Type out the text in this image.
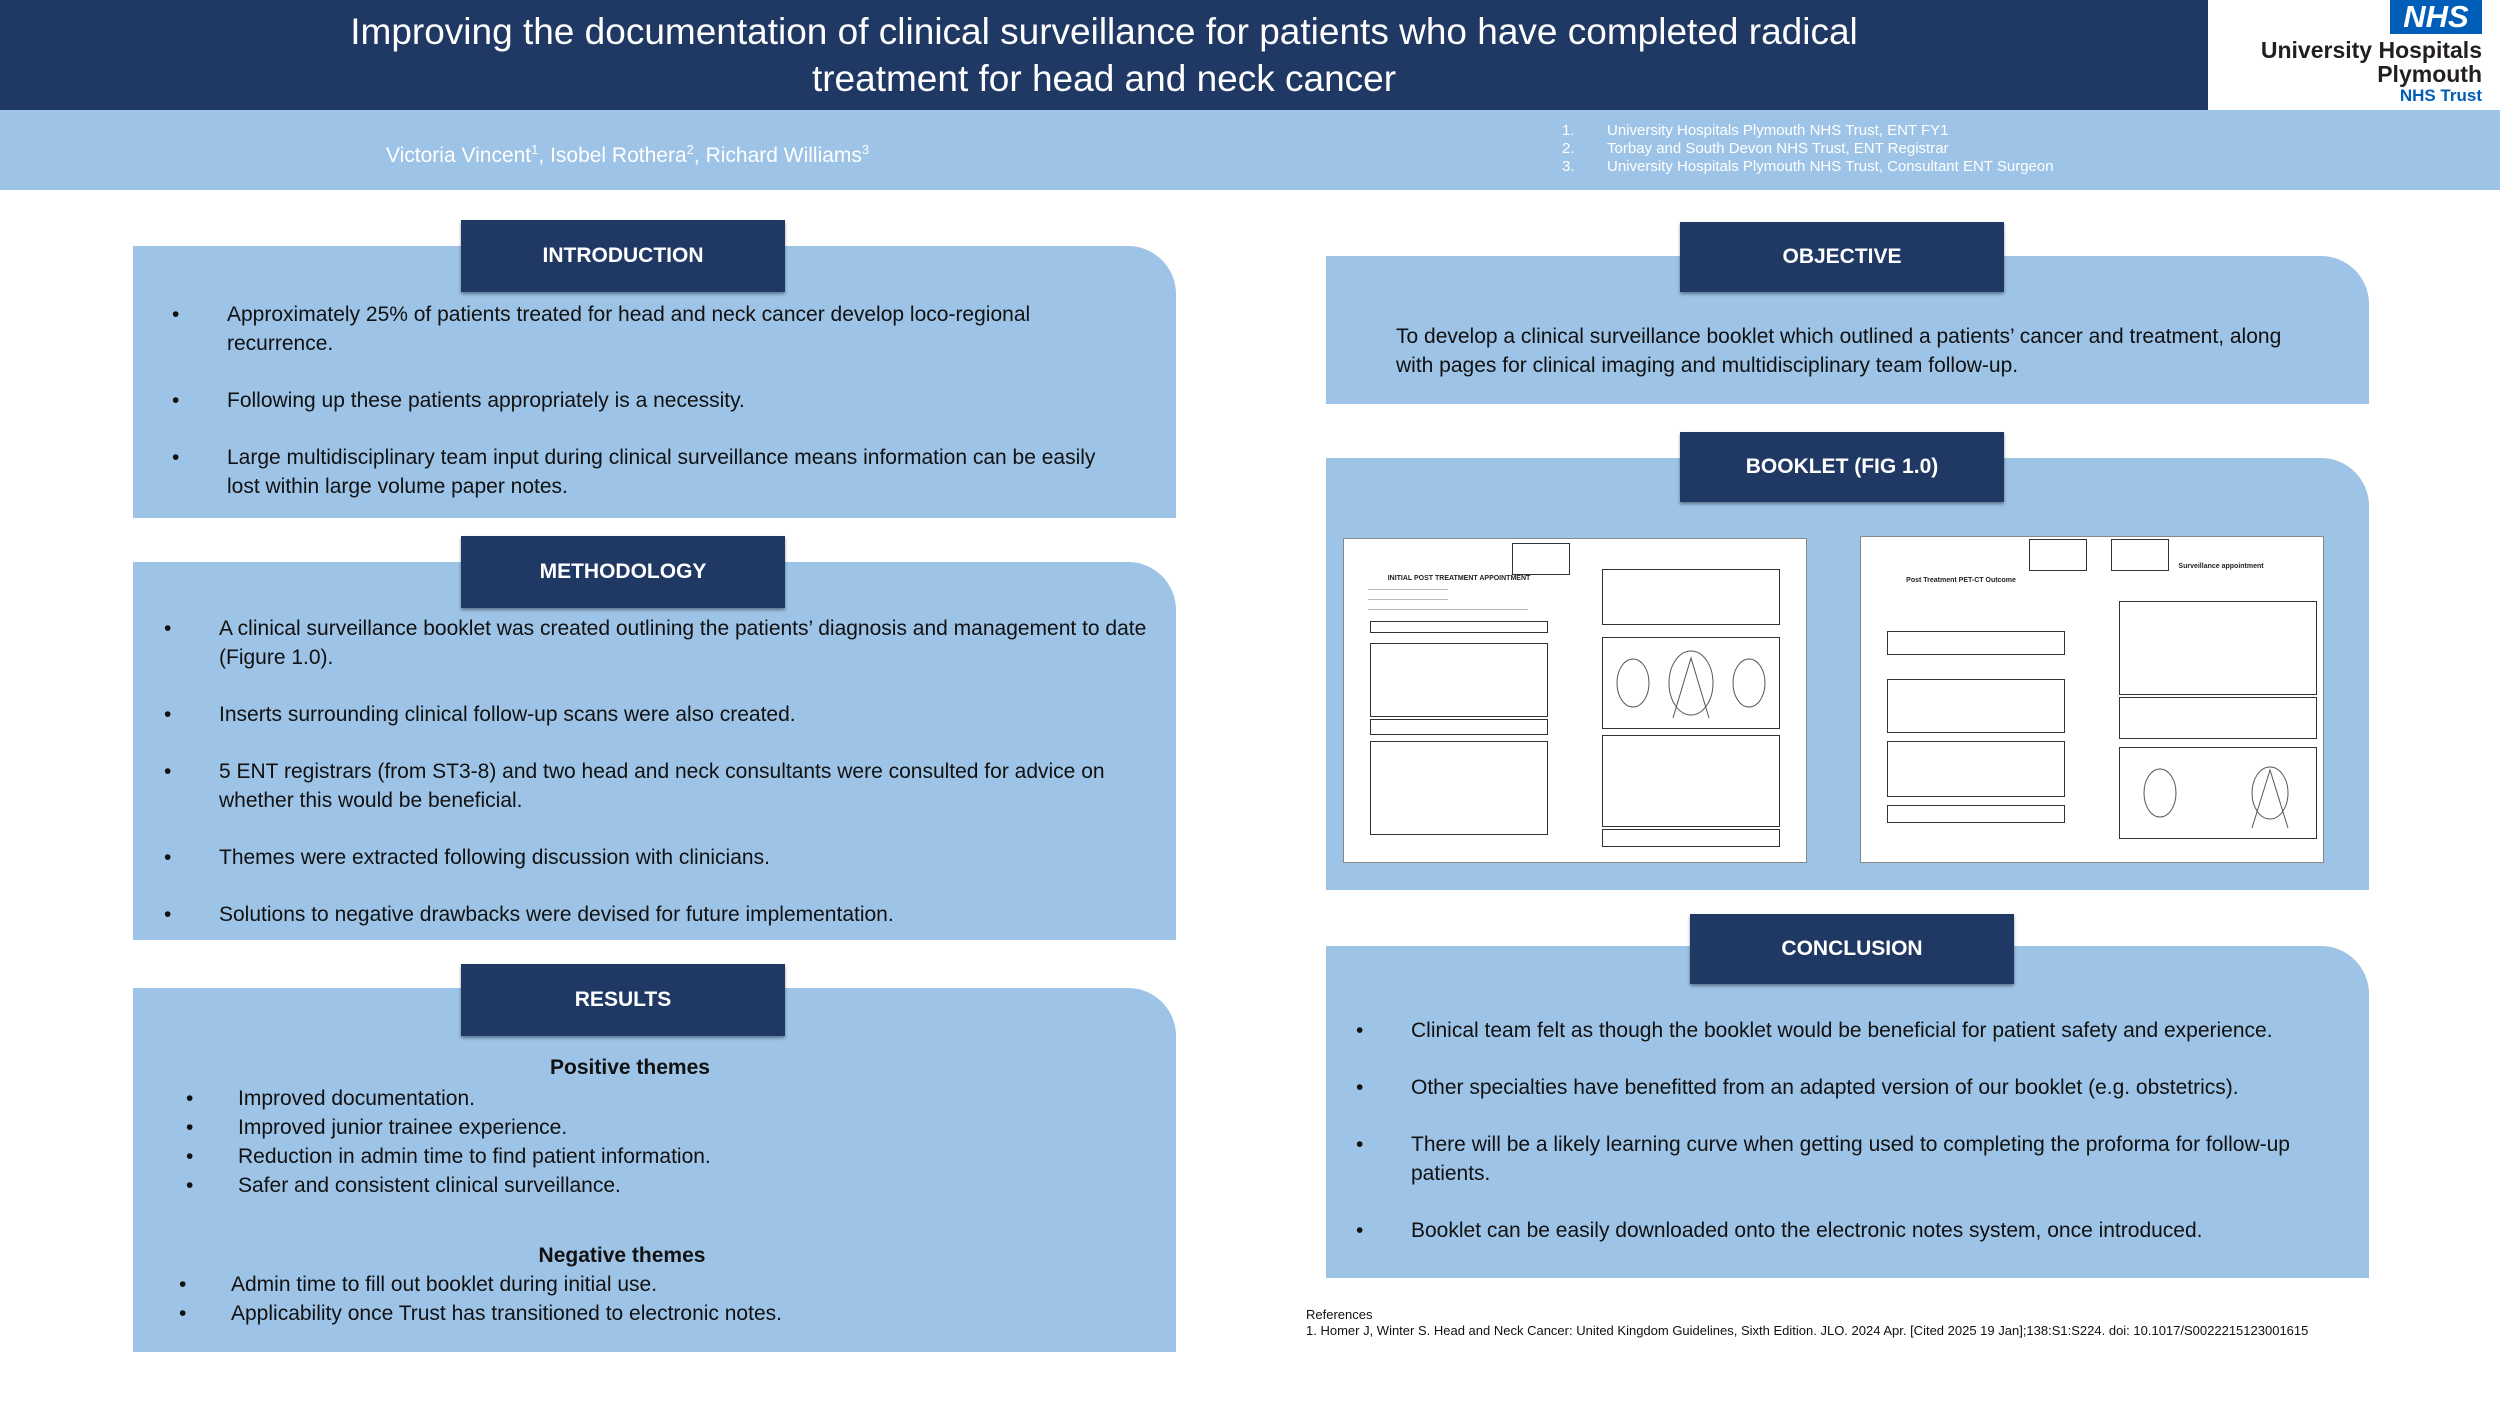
Improving the documentation of clinical surveillance for patients who have completed radical treatment for head and neck cancer
NHS
University Hospitals
Plymouth
NHS Trust
Victoria Vincent$^1$, Isobel Rothera$^2$, Richard Williams$^3$
1. University Hospitals Plymouth NHS Trust, ENT FY1
2. Torbay and South Devon NHS Trust, ENT Registrar
3. University Hospitals Plymouth NHS Trust, Consultant ENT Surgeon
INTRODUCTION
• Approximately 25% of patients treated for head and neck cancer develop loco-regional recurrence.
• Following up these patients appropriately is a necessity.
• Large multidisciplinary team input during clinical surveillance means information can be easily lost within large volume paper notes.
METHODOLOGY
• A clinical surveillance booklet was created outlining the patients’ diagnosis and management to date (Figure 1.0).
• Inserts surrounding clinical follow-up scans were also created.
• 5 ENT registrars (from ST3-8) and two head and neck consultants were consulted for advice on whether this would be beneficial.
• Themes were extracted following discussion with clinicians.
• Solutions to negative drawbacks were devised for future implementation.
RESULTS
Positive themes
• Improved documentation.
• Improved junior trainee experience.
• Reduction in admin time to find patient information.
• Safer and consistent clinical surveillance.
Negative themes
• Admin time to fill out booklet during initial use.
• Applicability once Trust has transitioned to electronic notes.
OBJECTIVE
To develop a clinical surveillance booklet which outlined a patients’ cancer and treatment, along with pages for clinical imaging and multidisciplinary team follow-up.
BOOKLET (FIG 1.0)
INITIAL POST TREATMENT APPOINTMENT	Post Treatment PET-CT Outcome
Surveillance appointment
CONCLUSION
• Clinical team felt as though the booklet would be beneficial for patient safety and experience.
• Other specialties have benefitted from an adapted version of our booklet (e.g. obstetrics).
• There will be a likely learning curve when getting used to completing the proforma for follow-up patients.
• Booklet can be easily downloaded onto the electronic notes system, once introduced.
References
1. Homer J, Winter S. Head and Neck Cancer: United Kingdom Guidelines, Sixth Edition. JLO. 2024 Apr. [Cited 2025 19 Jan];138:S1:S224. doi: 10.1017/S0022215123001615
